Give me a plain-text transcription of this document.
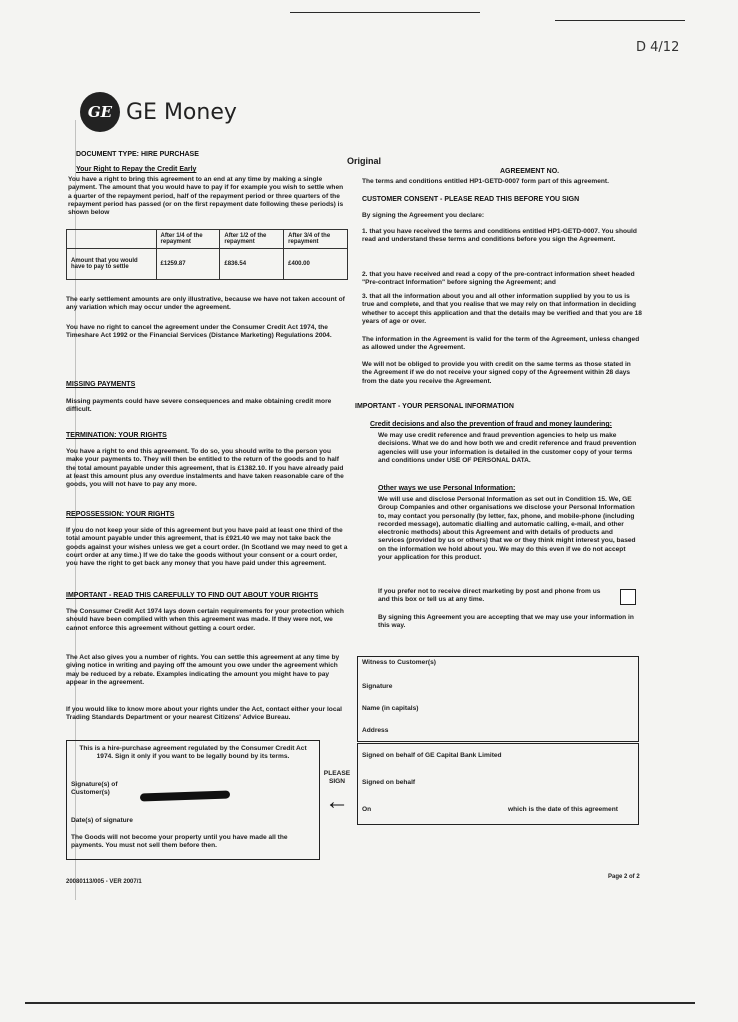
D 4/12
GE GE Money
DOCUMENT TYPE: HIRE PURCHASE
Your Right to Repay the Credit Early
You have a right to bring this agreement to an end at any time by making a single payment. The amount that you would have to pay if for example you wish to settle when a quarter of the repayment period, half of the repayment period or three quarters of the repayment period has passed (or on the first repayment date following these periods) is shown below
	After 1/4 of the repayment	After 1/2 of the repayment	After 3/4 of the repayment
Amount that you would have to pay to settle	£1259.87	£836.54	£400.00
The early settlement amounts are only illustrative, because we have not taken account of any variation which may occur under the agreement.
You have no right to cancel the agreement under the Consumer Credit Act 1974, the Timeshare Act 1992 or the Financial Services (Distance Marketing) Regulations 2004.
MISSING PAYMENTS
Missing payments could have severe consequences and make obtaining credit more difficult.
TERMINATION: YOUR RIGHTS
You have a right to end this agreement. To do so, you should write to the person you make your payments to. They will then be entitled to the return of the goods and to half the total amount payable under this agreement, that is £1382.10. If you have already paid at least this amount plus any overdue instalments and have taken reasonable care of the goods, you will not have to pay any more.
REPOSSESSION: YOUR RIGHTS
If you do not keep your side of this agreement but you have paid at least one third of the total amount payable under this agreement, that is £921.40 we may not take back the goods against your wishes unless we get a court order. (In Scotland we may need to get a court order at any time.) If we do take the goods without your consent or a court order, you have the right to get back any money that you have paid under this agreement.
IMPORTANT - READ THIS CAREFULLY TO FIND OUT ABOUT YOUR RIGHTS
The Consumer Credit Act 1974 lays down certain requirements for your protection which should have been complied with when this agreement was made. If they were not, we cannot enforce this agreement without getting a court order.
The Act also gives you a number of rights. You can settle this agreement at any time by giving notice in writing and paying off the amount you owe under the agreement which may be reduced by a rebate. Examples indicating the amount you might have to pay appear in the agreement.
If you would like to know more about your rights under the Act, contact either your local Trading Standards Department or your nearest Citizens' Advice Bureau.
This is a hire-purchase agreement regulated by the Consumer Credit Act 1974. Sign it only if you want to be legally bound by its terms.
Signature(s) of Customer(s)
Date(s) of signature
The Goods will not become your property until you have made all the payments. You must not sell them before then.
PLEASE SIGN
←
Original
AGREEMENT NO.
The terms and conditions entitled HP1-GETD-0007 form part of this agreement.
CUSTOMER CONSENT - PLEASE READ THIS BEFORE YOU SIGN
By signing the Agreement you declare:
1. that you have received the terms and conditions entitled HP1-GETD-0007. You should read and understand these terms and conditions before you sign the Agreement.
2. that you have received and read a copy of the pre-contract information sheet headed "Pre-contract Information" before signing the Agreement; and
3. that all the information about you and all other information supplied by you to us is true and complete, and that you realise that we may rely on that information in deciding whether to accept this application and that the details may be verified and that you are 18 years of age or over.
The information in the Agreement is valid for the term of the Agreement, unless changed as allowed under the Agreement.
We will not be obliged to provide you with credit on the same terms as those stated in the Agreement if we do not receive your signed copy of the Agreement within 28 days from the date you receive the Agreement.
IMPORTANT - YOUR PERSONAL INFORMATION
Credit decisions and also the prevention of fraud and money laundering:
We may use credit reference and fraud prevention agencies to help us make decisions. What we do and how both we and credit reference and fraud prevention agencies will use your information is detailed in the customer copy of your terms and conditions under USE OF PERSONAL DATA.
Other ways we use Personal Information:
We will use and disclose Personal Information as set out in Condition 15. We, GE Group Companies and other organisations we disclose your Personal Information to, may contact you personally (by letter, fax, phone, and mobile-phone (including recorded message), automatic dialling and automatic calling, e-mail, and other electronic methods) about this Agreement and with details of products and services (provided by us or others) that we or they think might interest you, based on the information we hold about you. We may do this even if we do not accept your application for this product.
If you prefer not to receive direct marketing by post and phone from us and this box or tell us at any time.
By signing this Agreement you are accepting that we may use your information in this way.
Witness to Customer(s)
Signature
Name (in capitals)
Address
Signed on behalf of GE Capital Bank Limited
Signed on behalf
On	which is the date of this agreement
20080113/005 - VER 2007/1
Page 2 of 2
